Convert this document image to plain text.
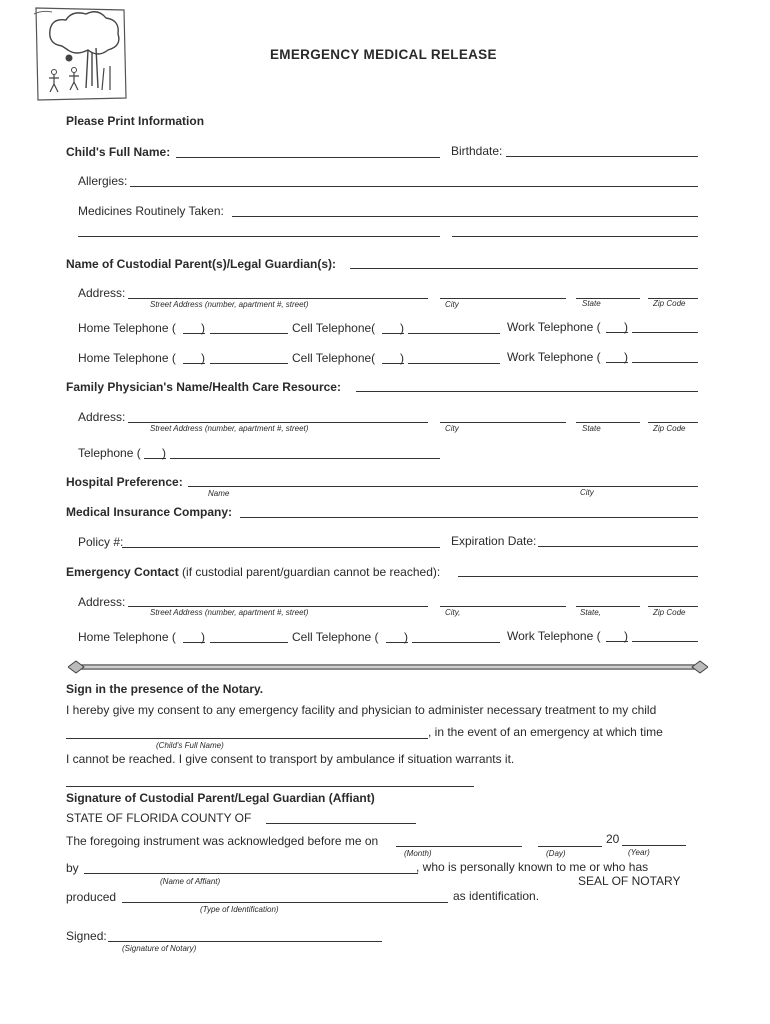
EMERGENCY MEDICAL RELEASE
Please Print Information
Child's Full Name:	Birthdate:
Allergies:
Medicines Routinely Taken:
Name of Custodial Parent(s)/Legal Guardian(s):
Address:
Street Address (number, apartment #, street)	City	State	Zip Code
Home Telephone ( )	Cell Telephone( )	Work Telephone ( )
Home Telephone ( )	Cell Telephone( )	Work Telephone ( )
Family Physician's Name/Health Care Resource:
Address:
Street Address (number, apartment #, street)	City	State	Zip Code
Telephone ( )
Hospital Preference:
Name	City
Medical Insurance Company:
Policy #:	Expiration Date:
Emergency Contact (if custodial parent/guardian cannot be reached):
Address:
Street Address (number, apartment #, street)	City,	State,	Zip Code
Home Telephone ( )	Cell Telephone ( )	Work Telephone ( )
Sign in the presence of the Notary.
I hereby give my consent to any emergency facility and physician to administer necessary treatment to my child
, in the event of an emergency at which time
(Child's Full Name)
I cannot be reached. I give consent to transport by ambulance if situation warrants it.
Signature of Custodial Parent/Legal Guardian (Affiant)
STATE OF FLORIDA COUNTY OF
The foregoing instrument was acknowledged before me on	20
(Month)	(Day)	(Year)
by	, who is personally known to me or who has
(Name of Affiant)	SEAL OF NOTARY
produced	as identification.
(Type of Identification)
Signed:
(Signature of Notary)
